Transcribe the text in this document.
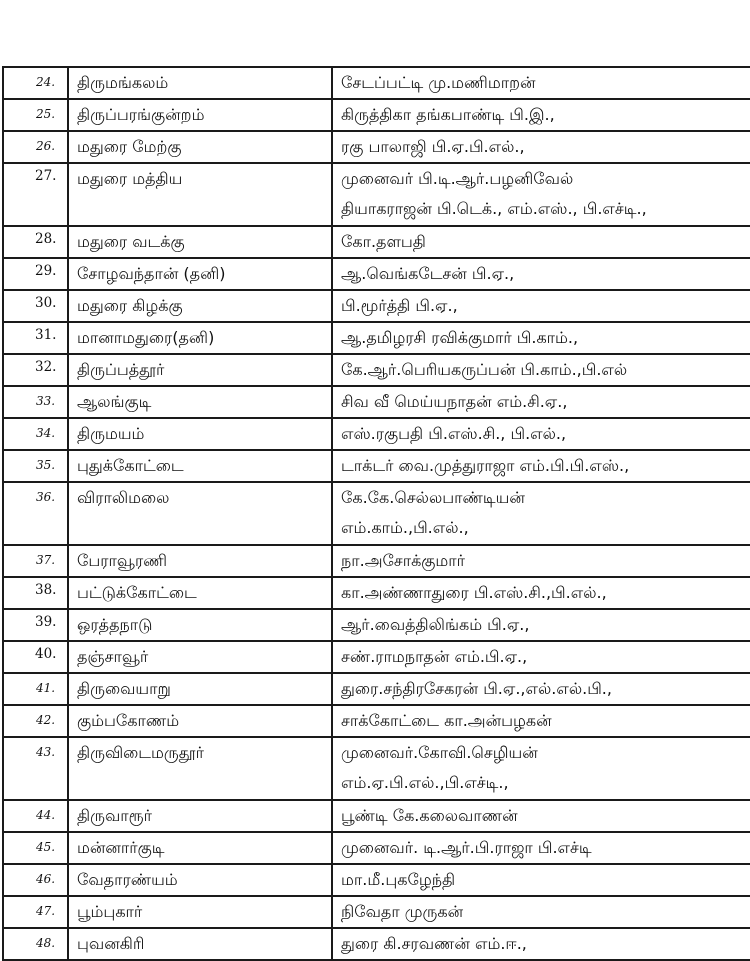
24.	திருமங்கலம்	சேடப்பட்டி மு.மணிமாறன்

25.	திருப்பரங்குன்றம்	கிருத்திகா தங்கபாண்டி பி.இ.,

26.	மதுரை மேற்கு	ரகு பாலாஜி பி.ஏ.பி.எல்.,

27.	மதுரை மத்திய	முனைவர் பி.டி.ஆர்.பழனிவேல்
தியாகராஜன் பி.டெக்., எம்.எஸ்., பி.எச்டி.,

28.	மதுரை வடக்கு	கோ.தளபதி

29.	சோழவந்தான் (தனி)	ஆ.வெங்கடேசன் பி.ஏ.,

30.	மதுரை கிழக்கு	பி.மூர்த்தி பி.ஏ.,

31.	மானாமதுரை(தனி)	ஆ.தமிழரசி ரவிக்குமார் பி.காம்.,

32.	திருப்பத்தூர்	கே.ஆர்.பெரியகருப்பன் பி.காம்.,பி.எல்

33.	ஆலங்குடி	சிவ வீ மெய்யநாதன் எம்.சி.ஏ.,

34.	திருமயம்	எஸ்.ரகுபதி பி.எஸ்.சி., பி.எல்.,

35.	புதுக்கோட்டை	டாக்டர் வை.முத்துராஜா எம்.பி.பி.எஸ்.,

36.	விராலிமலை	கே.கே.செல்லபாண்டியன்
எம்.காம்.,பி.எல்.,

37.	பேராவூரணி	நா.அசோக்குமார்

38.	பட்டுக்கோட்டை	கா.அண்ணாதுரை பி.எஸ்.சி.,பி.எல்.,

39.	ஒரத்தநாடு	ஆர்.வைத்திலிங்கம் பி.ஏ.,

40.	தஞ்சாவூர்	சண்.ராமநாதன் எம்.பி.ஏ.,

41.	திருவையாறு	துரை.சந்திரசேகரன் பி.ஏ.,எல்.எல்.பி.,

42.	கும்பகோணம்	சாக்கோட்டை கா.அன்பழகன்

43.	திருவிடைமருதூர்	முனைவர்.கோவி.செழியன்
எம்.ஏ.பி.எல்.,பி.எச்டி.,

44.	திருவாரூர்	பூண்டி கே.கலைவாணன்

45.	மன்னார்குடி	முனைவர். டி.ஆர்.பி.ராஜா பி.எச்டி

46.	வேதாரண்யம்	மா.மீ.புகழேந்தி

47.	பூம்புகார்	நிவேதா முருகன்

48.	புவனகிரி	துரை கி.சரவணன் எம்.ஈ.,
